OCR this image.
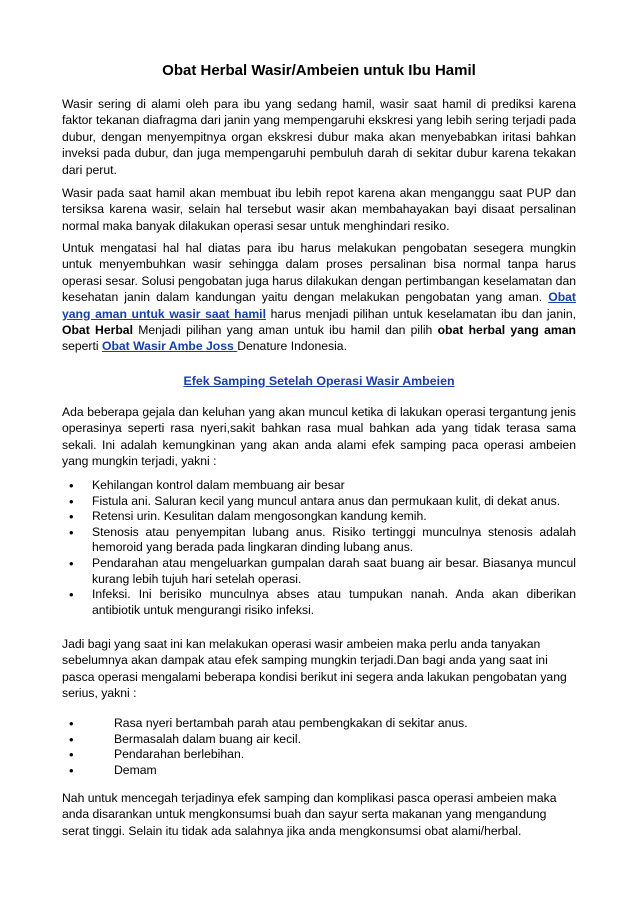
Obat Herbal Wasir/Ambeien untuk Ibu Hamil

Wasir sering di alami oleh para ibu yang sedang hamil, wasir saat hamil di prediksi karena faktor tekanan diafragma dari janin yang mempengaruhi ekskresi yang lebih sering terjadi pada dubur, dengan menyempitnya organ ekskresi dubur maka akan menyebabkan iritasi bahkan inveksi pada dubur, dan juga mempengaruhi pembuluh darah di sekitar dubur karena tekakan dari perut.

Wasir pada saat hamil akan membuat ibu lebih repot karena akan menganggu saat PUP dan tersiksa karena wasir, selain hal tersebut wasir akan membahayakan bayi disaat persalinan normal maka banyak dilakukan operasi sesar untuk menghindari resiko.

Untuk mengatasi hal hal diatas para ibu harus melakukan pengobatan sesegera mungkin untuk menyembuhkan wasir sehingga dalam proses persalinan bisa normal tanpa harus operasi sesar. Solusi pengobatan juga harus dilakukan dengan pertimbangan keselamatan dan kesehatan janin dalam kandungan yaitu dengan melakukan pengobatan yang aman. Obat yang aman untuk wasir saat hamil harus menjadi pilihan untuk keselamatan ibu dan janin, Obat Herbal Menjadi pilihan yang aman untuk ibu hamil dan pilih obat herbal yang aman seperti Obat Wasir Ambe Joss Denature Indonesia.

Efek Samping Setelah Operasi Wasir Ambeien

Ada beberapa gejala dan keluhan yang akan muncul ketika di lakukan operasi tergantung jenis operasinya seperti rasa nyeri,sakit bahkan rasa mual bahkan ada yang tidak terasa sama sekali. Ini adalah kemungkinan yang akan anda alami efek samping paca operasi ambeien yang mungkin terjadi, yakni :

• Kehilangan kontrol dalam membuang air besar
• Fistula ani. Saluran kecil yang muncul antara anus dan permukaan kulit, di dekat anus.
• Retensi urin. Kesulitan dalam mengosongkan kandung kemih.
• Stenosis atau penyempitan lubang anus. Risiko tertinggi munculnya stenosis adalah hemoroid yang berada pada lingkaran dinding lubang anus.
• Pendarahan atau mengeluarkan gumpalan darah saat buang air besar. Biasanya muncul kurang lebih tujuh hari setelah operasi.
• Infeksi. Ini berisiko munculnya abses atau tumpukan nanah. Anda akan diberikan antibiotik untuk mengurangi risiko infeksi.

Jadi bagi yang saat ini kan melakukan operasi wasir ambeien maka perlu anda tanyakan sebelumnya akan dampak atau efek samping mungkin terjadi.Dan bagi anda yang saat ini pasca operasi mengalami beberapa kondisi berikut ini segera anda lakukan pengobatan yang serius, yakni :

• Rasa nyeri bertambah parah atau pembengkakan di sekitar anus.
• Bermasalah dalam buang air kecil.
• Pendarahan berlebihan.
• Demam

Nah untuk mencegah terjadinya efek samping dan komplikasi pasca operasi ambeien maka anda disarankan untuk mengkonsumsi buah dan sayur serta makanan yang mengandung serat tinggi. Selain itu tidak ada salahnya jika anda mengkonsumsi obat alami/herbal.
